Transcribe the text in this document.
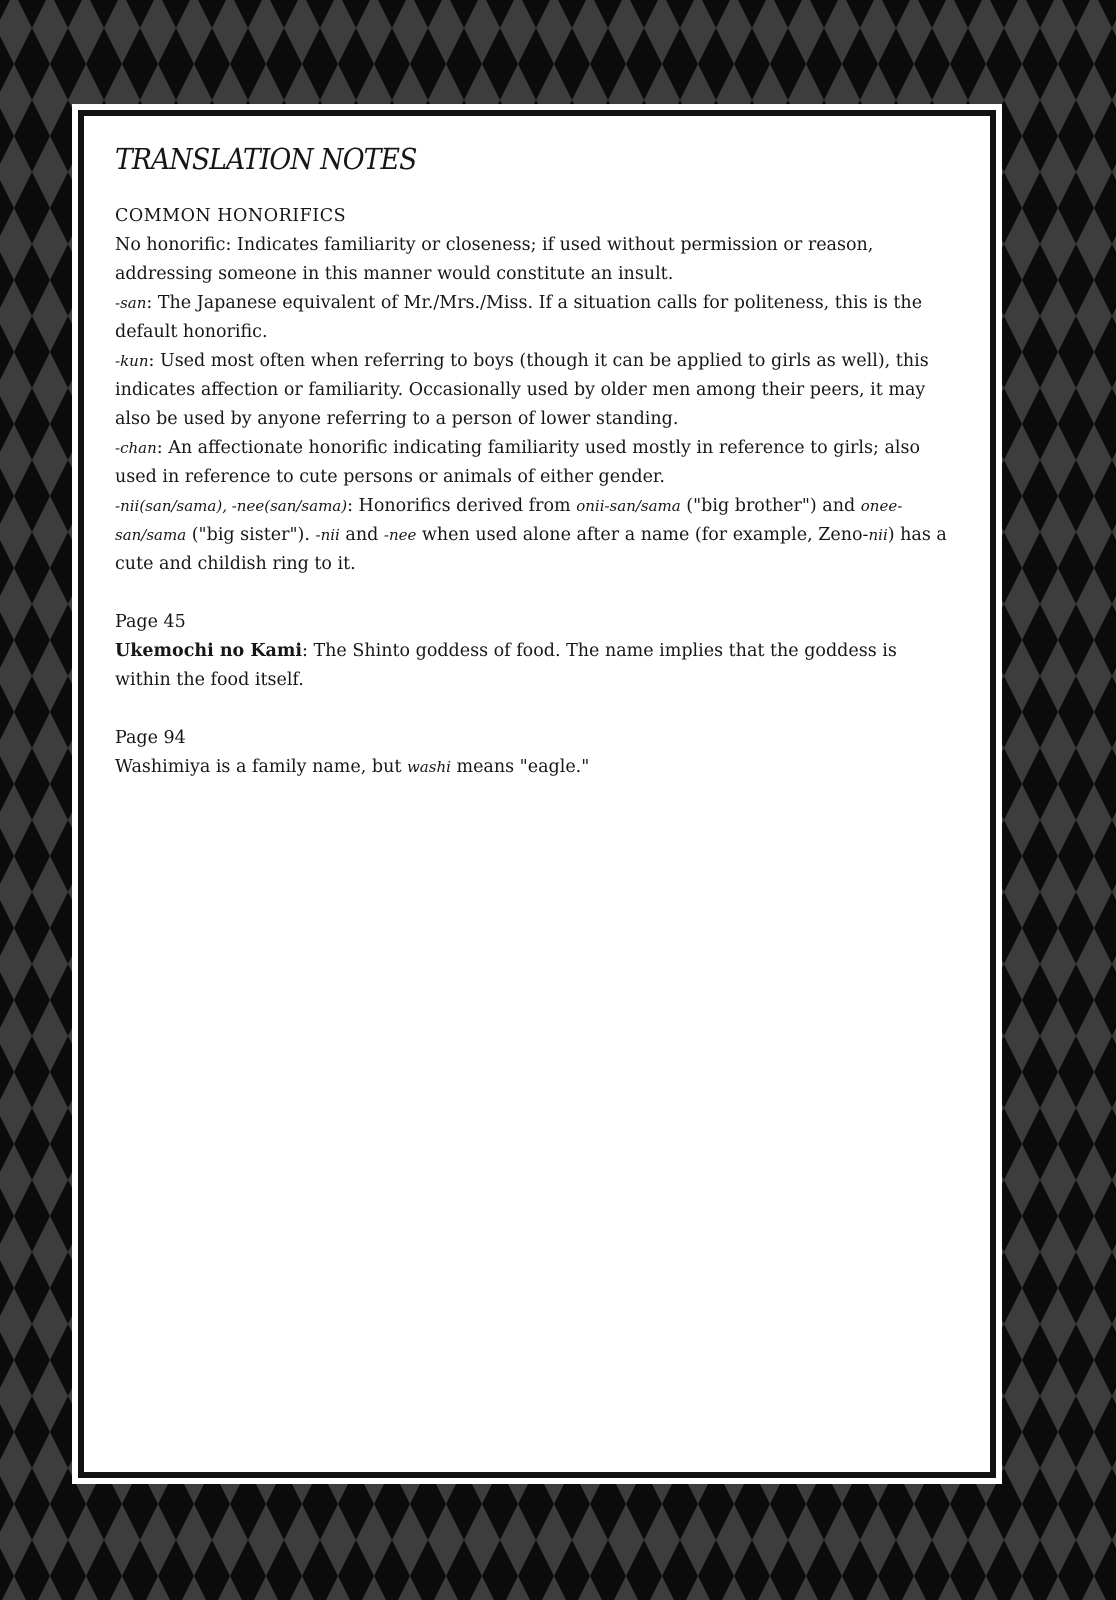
TRANSLATION NOTES

COMMON HONORIFICS

No honorific: Indicates familiarity or closeness; if used without permission or reason, addressing someone in this manner would constitute an insult.

-san: The Japanese equivalent of Mr./Mrs./Miss. If a situation calls for politeness, this is the default honorific.

-kun: Used most often when referring to boys (though it can be applied to girls as well), this indicates affection or familiarity. Occasionally used by older men among their peers, it may also be used by anyone referring to a person of lower standing.

-chan: An affectionate honorific indicating familiarity used mostly in reference to girls; also used in reference to cute persons or animals of either gender.

-nii(san/sama), -nee(san/sama): Honorifics derived from onii-san/sama ("big brother") and onee-san/sama ("big sister"). -nii and -nee when used alone after a name (for example, Zeno-nii) has a cute and childish ring to it.

Page 45

Ukemochi no Kami: The Shinto goddess of food. The name implies that the goddess is within the food itself.

Page 94

Washimiya is a family name, but washi means "eagle."
